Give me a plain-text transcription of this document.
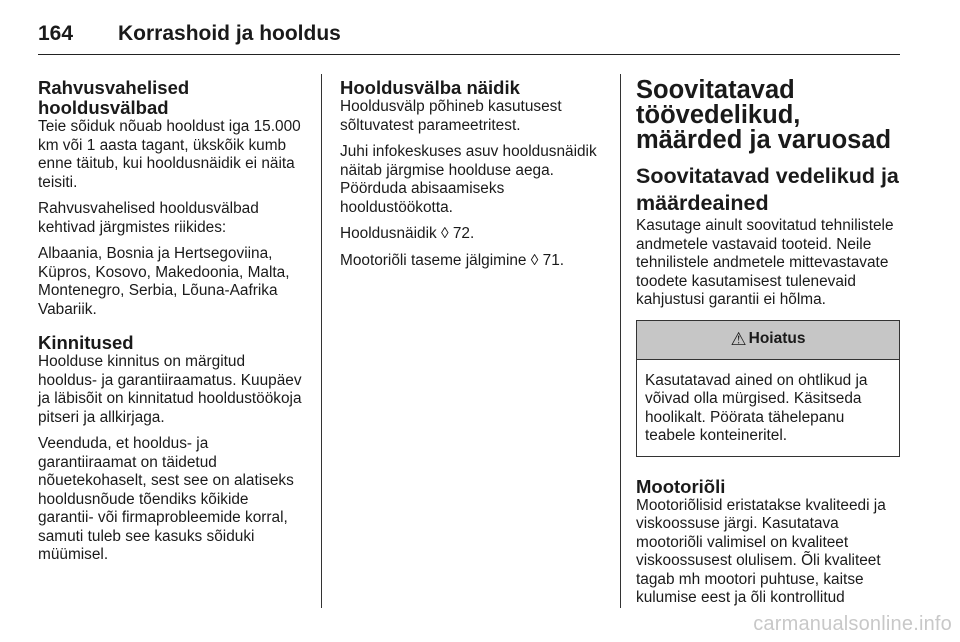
164	Korrashoid ja hooldus
Rahvusvahelised hooldusvälbad

Teie sõiduk nõuab hooldust iga 15.000 km või 1 aasta tagant, ükskõik kumb enne täitub, kui hooldusnäidik ei näita teisiti.

Rahvusvahelised hooldusvälbad kehtivad järgmistes riikides:

Albaania, Bosnia ja Hertsegoviina, Küpros, Kosovo, Makedoonia, Malta, Montenegro, Serbia, Lõuna-Aafrika Vabariik.

Kinnitused

Hoolduse kinnitus on märgitud hooldus- ja garantiiraamatus. Kuupäev ja läbisõit on kinnitatud hooldustöökoja pitseri ja allkirjaga.

Veenduda, et hooldus- ja garantiiraamat on täidetud nõuetekohaselt, sest see on alatiseks hooldusnõude tõendiks kõikide garantii- või firmaprobleemide korral, samuti tuleb see kasuks sõiduki müümisel.

Hooldusvälba näidik

Hooldusvälp põhineb kasutusest sõltuvatest parameetritest.

Juhi infokeskuses asuv hooldusnäidik näitab järgmise hoolduse aega. Pöörduda abisaamiseks hooldustöökotta.

Hooldusnäidik ◊ 72.

Mootoriõli taseme jälgimine ◊ 71.

Soovitatavad töövedelikud, määrded ja varuosad
Soovitatavad vedelikud ja määrdeained

Kasutage ainult soovitatud tehnilistele andmetele vastavaid tooteid. Neile tehnilistele andmetele mittevastavate toodete kasutamisest tulenevaid kahjustusi garantii ei hõlma.

⚠ Hoiatus
Kasutatavad ained on ohtlikud ja võivad olla mürgised. Käsitseda hoolikalt. Pöörata tähelepanu teabele konteineritel.
Mootoriõli

Mootoriõlisid eristatakse kvaliteedi ja viskoossuse järgi. Kasutatava mootoriõli valimisel on kvaliteet viskoossusest olulisem. Õli kvaliteet tagab mh mootori puhtuse, kaitse kulumise eest ja õli kontrollitud

carmanualsonline.info
